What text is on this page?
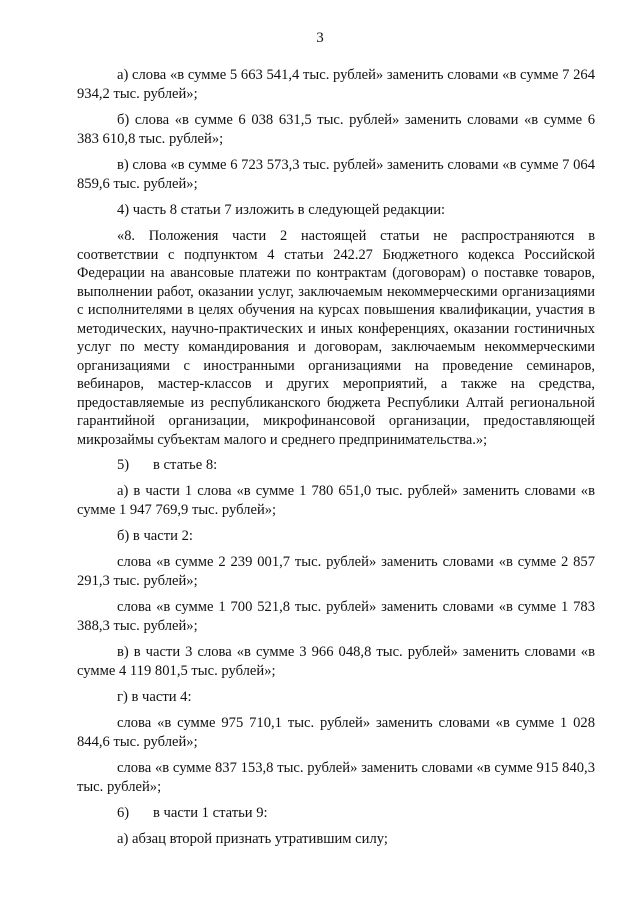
3

а) слова «в сумме 5 663 541,4 тыс. рублей» заменить словами «в сумме 7 264 934,2 тыс. рублей»;

б) слова «в сумме 6 038 631,5 тыс. рублей» заменить словами «в сумме 6 383 610,8 тыс. рублей»;

в) слова «в сумме 6 723 573,3 тыс. рублей» заменить словами «в сумме 7 064 859,6 тыс. рублей»;

4) часть 8 статьи 7 изложить в следующей редакции:

«8. Положения части 2 настоящей статьи не распространяются в соответствии с подпунктом 4 статьи 242.27 Бюджетного кодекса Российской Федерации на авансовые платежи по контрактам (договорам) о поставке товаров, выполнении работ, оказании услуг, заключаемым некоммерческими организациями с исполнителями в целях обучения на курсах повышения квалификации, участия в методических, научно-практических и иных конференциях, оказании гостиничных услуг по месту командирования и договорам, заключаемым некоммерческими организациями с иностранными организациями на проведение семинаров, вебинаров, мастер-классов и других мероприятий, а также на средства, предоставляемые из республиканского бюджета Республики Алтай региональной гарантийной организации, микрофинансовой организации, предоставляющей микрозаймы субъектам малого и среднего предпринимательства.»;

5) в статье 8:

а) в части 1 слова «в сумме 1 780 651,0 тыс. рублей» заменить словами «в сумме 1 947 769,9 тыс. рублей»;

б) в части 2:

слова «в сумме 2 239 001,7 тыс. рублей» заменить словами «в сумме 2 857 291,3 тыс. рублей»;

слова «в сумме 1 700 521,8 тыс. рублей» заменить словами «в сумме 1 783 388,3 тыс. рублей»;

в) в части 3 слова «в сумме 3 966 048,8 тыс. рублей» заменить словами «в сумме 4 119 801,5 тыс. рублей»;

г) в части 4:

слова «в сумме 975 710,1 тыс. рублей» заменить словами «в сумме 1 028 844,6 тыс. рублей»;

слова «в сумме 837 153,8 тыс. рублей» заменить словами «в сумме 915 840,3 тыс. рублей»;

6) в части 1 статьи 9:

а) абзац второй признать утратившим силу;
